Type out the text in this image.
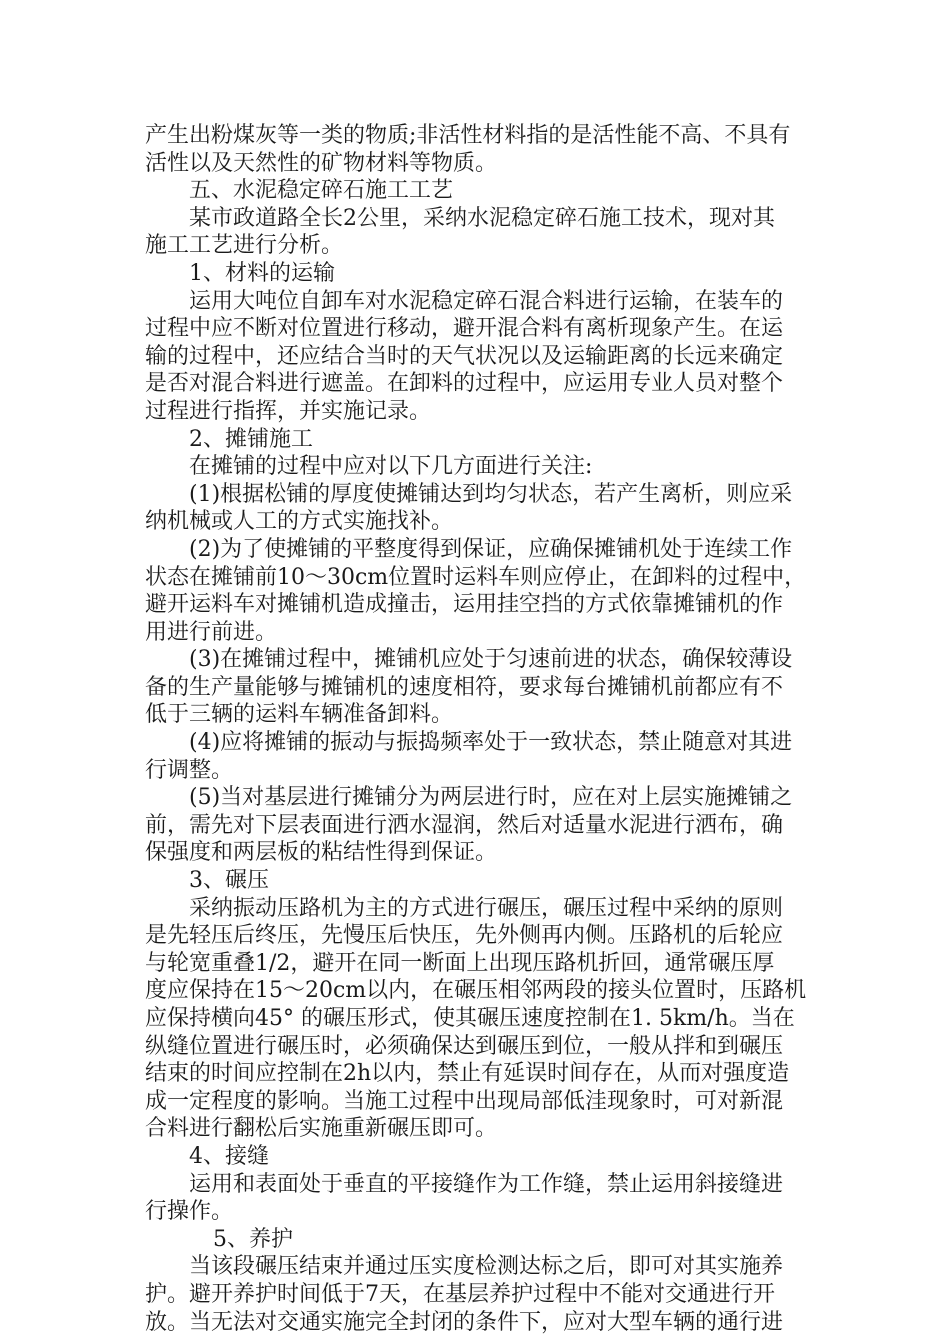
产生出粉煤灰等一类的物质;非活性材料指的是活性能不高、不具有
活性以及天然性的矿物材料等物质。
五、水泥稳定碎石施工工艺
某市政道路全长2公里，采纳水泥稳定碎石施工技术，现对其
施工工艺进行分析。
1、材料的运输
运用大吨位自卸车对水泥稳定碎石混合料进行运输，在装车的
过程中应不断对位置进行移动，避开混合料有离析现象产生。在运
输的过程中，还应结合当时的天气状况以及运输距离的长远来确定
是否对混合料进行遮盖。在卸料的过程中，应运用专业人员对整个
过程进行指挥，并实施记录。
2、摊铺施工
在摊铺的过程中应对以下几方面进行关注:
(1)根据松铺的厚度使摊铺达到均匀状态，若产生离析，则应采
纳机械或人工的方式实施找补。
(2)为了使摊铺的平整度得到保证，应确保摊铺机处于连续工作
状态在摊铺前10～30cm位置时运料车则应停止，在卸料的过程中，
避开运料车对摊铺机造成撞击，运用挂空挡的方式依靠摊铺机的作
用进行前进。
(3)在摊铺过程中，摊铺机应处于匀速前进的状态，确保较薄设
备的生产量能够与摊铺机的速度相符，要求每台摊铺机前都应有不
低于三辆的运料车辆准备卸料。
(4)应将摊铺的振动与振捣频率处于一致状态，禁止随意对其进
行调整。
(5)当对基层进行摊铺分为两层进行时，应在对上层实施摊铺之
前，需先对下层表面进行洒水湿润，然后对适量水泥进行洒布，确
保强度和两层板的粘结性得到保证。
3、碾压
采纳振动压路机为主的方式进行碾压，碾压过程中采纳的原则
是先轻压后终压，先慢压后快压，先外侧再内侧。压路机的后轮应
与轮宽重叠1/2，避开在同一断面上出现压路机折回，通常碾压厚
度应保持在15～20cm以内，在碾压相邻两段的接头位置时，压路机
应保持横向45° 的碾压形式，使其碾压速度控制在1. 5km/h。当在
纵缝位置进行碾压时，必须确保达到碾压到位，一般从拌和到碾压
结束的时间应控制在2h以内，禁止有延误时间存在，从而对强度造
成一定程度的影响。当施工过程中出现局部低洼现象时，可对新混
合料进行翻松后实施重新碾压即可。
4、接缝
运用和表面处于垂直的平接缝作为工作缝，禁止运用斜接缝进
行操作。
5、养护
当该段碾压结束并通过压实度检测达标之后，即可对其实施养
护。避开养护时间低于7天，在基层养护过程中不能对交通进行开
放。当无法对交通实施完全封闭的条件下，应对大型车辆的通行进
